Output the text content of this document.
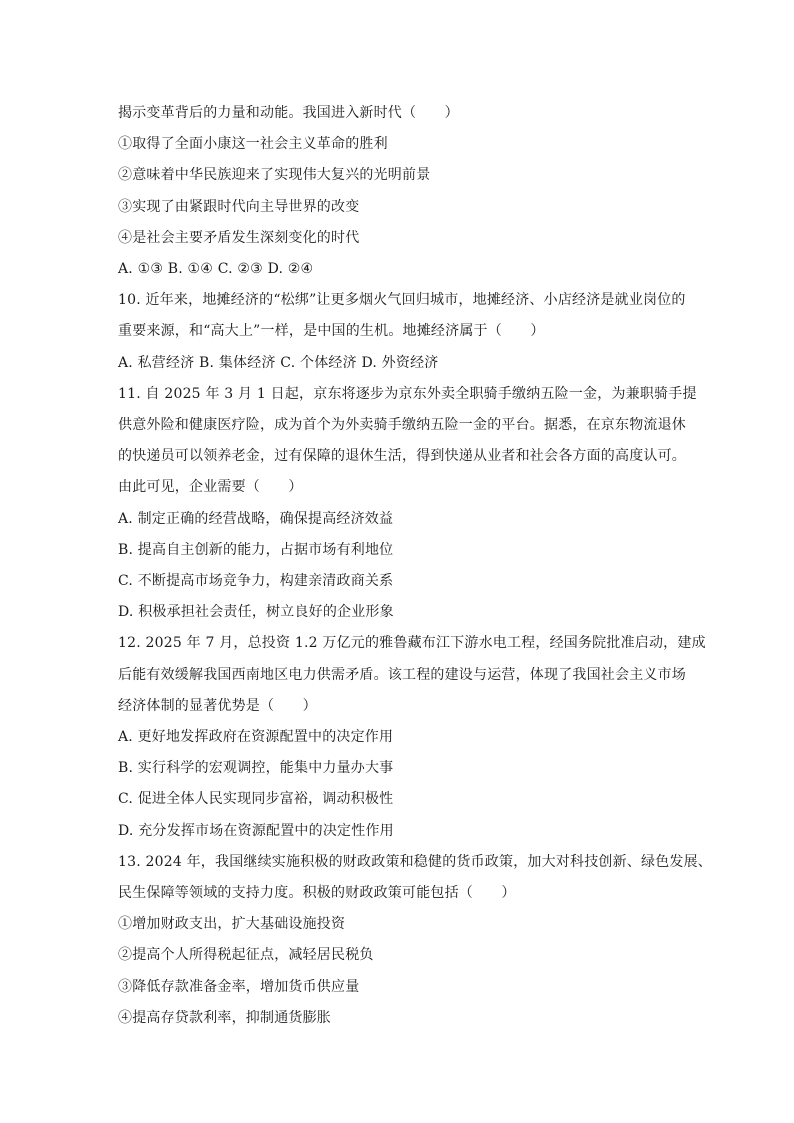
揭示变革背后的力量和动能。我国进入新时代（　　）
①取得了全面小康这一社会主义革命的胜利
②意味着中华民族迎来了实现伟大复兴的光明前景
③实现了由紧跟时代向主导世界的改变
④是社会主要矛盾发生深刻变化的时代
A. ①③ B. ①④ C. ②③ D. ②④
10. 近年来，地摊经济的“松绑”让更多烟火气回归城市，地摊经济、小店经济是就业岗位的
重要来源，和“高大上”一样，是中国的生机。地摊经济属于（　　）
A. 私营经济 B. 集体经济 C. 个体经济 D. 外资经济
11. 自 2025 年 3 月 1 日起，京东将逐步为京东外卖全职骑手缴纳五险一金，为兼职骑手提
供意外险和健康医疗险，成为首个为外卖骑手缴纳五险一金的平台。据悉，在京东物流退休
的快递员可以领养老金，过有保障的退休生活，得到快递从业者和社会各方面的高度认可。
由此可见，企业需要（　　）
A. 制定正确的经营战略，确保提高经济效益
B. 提高自主创新的能力，占据市场有利地位
C. 不断提高市场竞争力，构建亲清政商关系
D. 积极承担社会责任，树立良好的企业形象
12. 2025 年 7 月，总投资 1.2 万亿元的雅鲁藏布江下游水电工程，经国务院批准启动，建成
后能有效缓解我国西南地区电力供需矛盾。该工程的建设与运营，体现了我国社会主义市场
经济体制的显著优势是（　　）
A. 更好地发挥政府在资源配置中的决定作用
B. 实行科学的宏观调控，能集中力量办大事
C. 促进全体人民实现同步富裕，调动积极性
D. 充分发挥市场在资源配置中的决定性作用
13. 2024 年，我国继续实施积极的财政政策和稳健的货币政策，加大对科技创新、绿色发展、
民生保障等领域的支持力度。积极的财政政策可能包括（　　）
①增加财政支出，扩大基础设施投资
②提高个人所得税起征点，减轻居民税负
③降低存款准备金率，增加货币供应量
④提高存贷款利率，抑制通货膨胀
